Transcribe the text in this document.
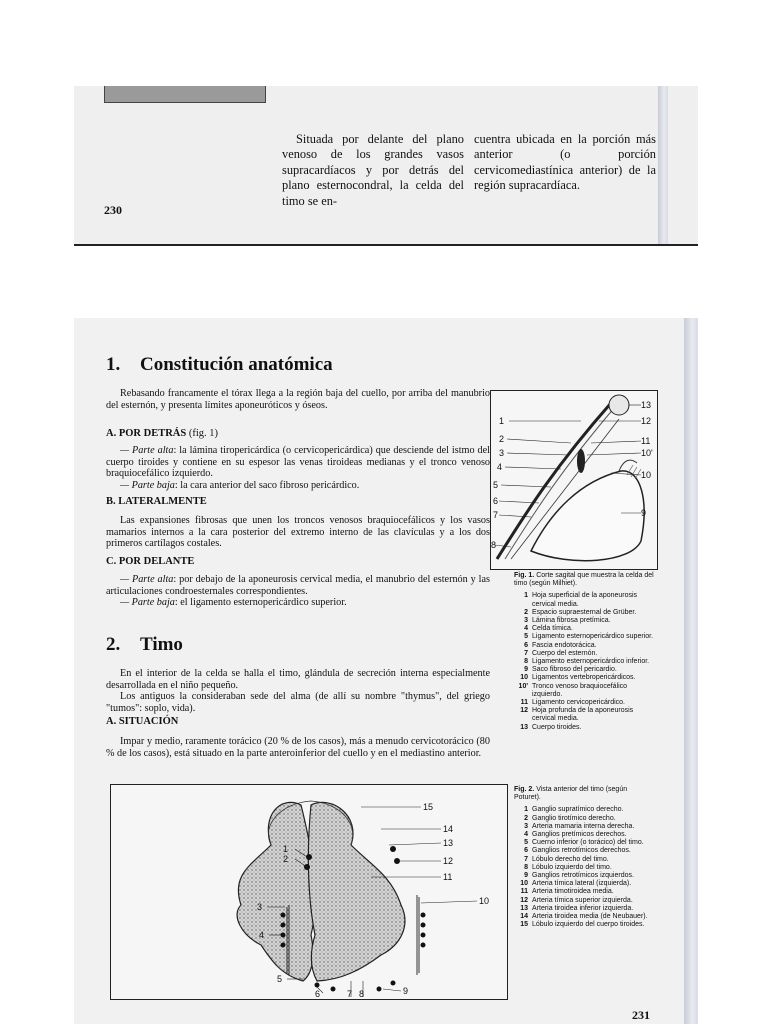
Situada por delante del plano venoso de los grandes vasos supracardíacos y por detrás del plano esternocondral, la celda del timo se en-

cuentra ubicada en la porción más anterior (o porción cervicomediastínica anterior) de la región supracardíaca.

230
1. Constitución anatómica

Rebasando francamente el tórax llega a la región baja del cuello, por arriba del manubrio del esternón, y presenta límites aponeuróticos y óseos.

A. POR DETRÁS (fig. 1)

— Parte alta: la lámina tiropericárdica (o cervicopericárdica) que desciende del istmo del cuerpo tiroides y contiene en su espesor las venas tiroideas medianas y el tronco venoso braquiocefálico izquierdo.

— Parte baja: la cara anterior del saco fibroso pericárdico.

B. LATERALMENTE

Las expansiones fibrosas que unen los troncos venosos braquiocefálicos y los vasos mamarios internos a la cara posterior del extremo interno de las clavículas y a los dos primeros cartílagos costales.

C. POR DELANTE

— Parte alta: por debajo de la aponeurosis cervical media, el manubrio del esternón y las articulaciones condroesternales correspondientes.

— Parte baja: el ligamento esternopericárdico superior.

2. Timo

En el interior de la celda se halla el timo, glándula de secreción interna especialmente desarrollada en el niño pequeño.

Los antiguos la consideraban sede del alma (de allí su nombre "thymus", del griego "tumos": soplo, vida).

A. SITUACIÓN

Impar y medio, raramente torácico (20 % de los casos), más a menudo cervicotorácico (80 % de los casos), está situado en la parte anteroinferior del cuello y en el mediastino anterior.

13
1	12
2	11
3	10'
4
10
5
6
9
7
8
Fig. 1. Corte sagital que muestra la celda del timo (según Milhiet).
1 Hoja superficial de la aponeurosis cervical media.
2 Espacio supraesternal de Grüber.
3 Lámina fibrosa pretímica.
4 Celda tímica.
5 Ligamento esternopericárdico superior.
6 Fascia endotorácica.
7 Cuerpo del esternón.
8 Ligamento esternopericárdico inferior.
9 Saco fibroso del pericardio.
10 Ligamentos vertebropericárdicos.
10' Tronco venoso braquiocefálico izquierdo.
11 Ligamento cervicopericárdico.
12 Hoja profunda de la aponeurosis cervical media.
13 Cuerpo tiroides.
15
14
1
13
2	12
11
3
10
4
5
6	7 8	9
Fig. 2. Vista anterior del timo (según Poturet).
1 Ganglio supratímico derecho.
2 Ganglio tirotímico derecho.
3 Arteria mamaria interna derecha.
4 Ganglios pretímicos derechos.
5 Cuerno inferior (o torácico) del timo.
6 Ganglios retrotímicos derechos.
7 Lóbulo derecho del timo.
8 Lóbulo izquierdo del timo.
9 Ganglios retrotímicos izquierdos.
10 Arteria tímica lateral (izquierda).
11 Arteria timotiroidea media.
12 Arteria tímica superior izquierda.
13 Arteria tiroidea inferior izquierda.
14 Arteria tiroidea media (de Neubauer).
15 Lóbulo izquierdo del cuerpo tiroides.
231
